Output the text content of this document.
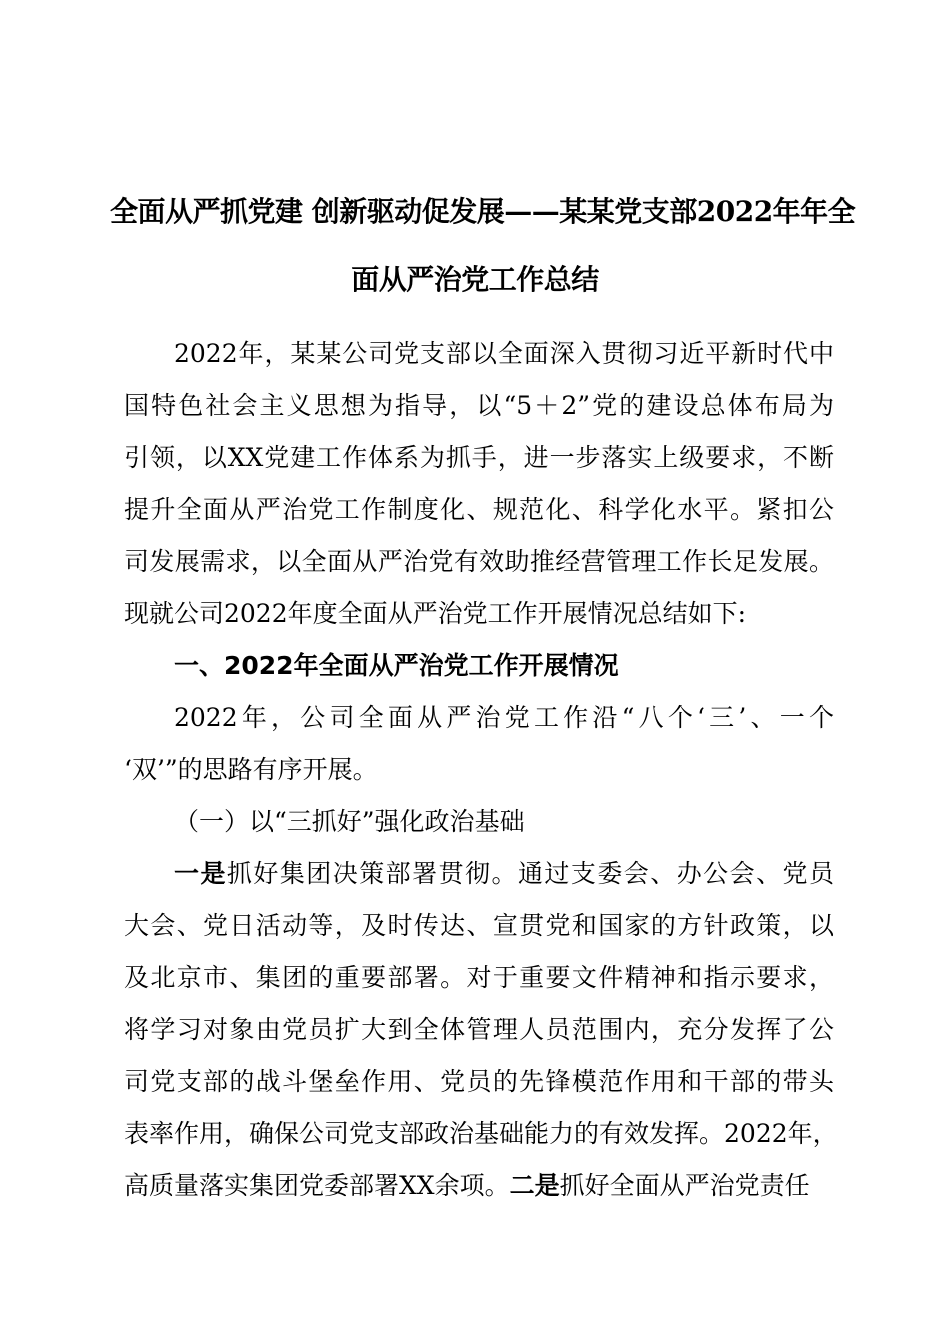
全面从严抓党建 创新驱动促发展——某某党支部2022年年全
面从严治党工作总结
2022年，某某公司党支部以全面深入贯彻习近平新时代中
国特色社会主义思想为指导，以“5＋2”党的建设总体布局为
引领，以XX党建工作体系为抓手，进一步落实上级要求，不断
提升全面从严治党工作制度化、规范化、科学化水平。紧扣公
司发展需求，以全面从严治党有效助推经营管理工作长足发展。
现就公司2022年度全面从严治党工作开展情况总结如下:
一、2022年全面从严治党工作开展情况
2022年，公司全面从严治党工作沿“八个‘三’、一个
‘双’”的思路有序开展。
（一）以“三抓好”强化政治基础
一是抓好集团决策部署贯彻。通过支委会、办公会、党员
大会、党日活动等，及时传达、宣贯党和国家的方针政策，以
及北京市、集团的重要部署。对于重要文件精神和指示要求，
将学习对象由党员扩大到全体管理人员范围内，充分发挥了公
司党支部的战斗堡垒作用、党员的先锋模范作用和干部的带头
表率作用，确保公司党支部政治基础能力的有效发挥。2022年，
高质量落实集团党委部署XX余项。二是抓好全面从严治党责任
